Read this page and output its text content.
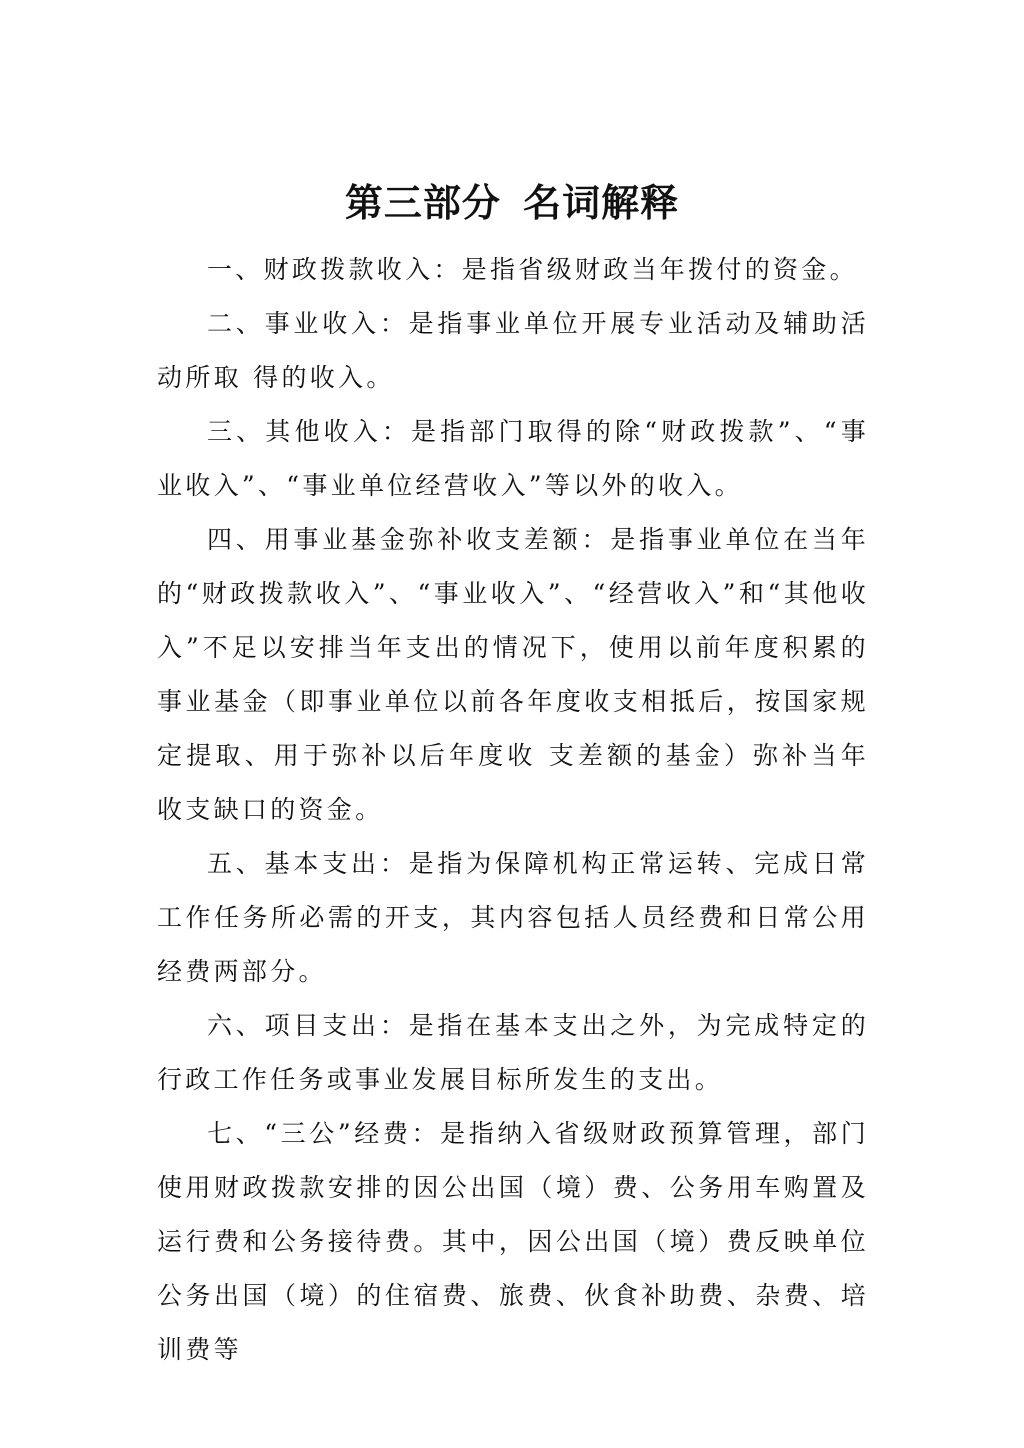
第三部分 名词解释

一、财政拨款收入：是指省级财政当年拨付的资金。

二、事业收入：是指事业单位开展专业活动及辅助活动所取 得的收入。

三、其他收入：是指部门取得的除“财政拨款”、“事业收入”、“事业单位经营收入”等以外的收入。

四、用事业基金弥补收支差额：是指事业单位在当年的“财政拨款收入”、“事业收入”、“经营收入”和“其他收入”不足以安排当年支出的情况下，使用以前年度积累的事业基金（即事业单位以前各年度收支相抵后，按国家规定提取、用于弥补以后年度收 支差额的基金）弥补当年收支缺口的资金。

五、基本支出：是指为保障机构正常运转、完成日常工作任务所必需的开支，其内容包括人员经费和日常公用经费两部分。

六、项目支出：是指在基本支出之外，为完成特定的行政工作任务或事业发展目标所发生的支出。

七、“三公”经费：是指纳入省级财政预算管理，部门使用财政拨款安排的因公出国（境）费、公务用车购置及运行费和公务接待费。其中，因公出国（境）费反映单位公务出国（境）的住宿费、旅费、伙食补助费、杂费、培训费等
